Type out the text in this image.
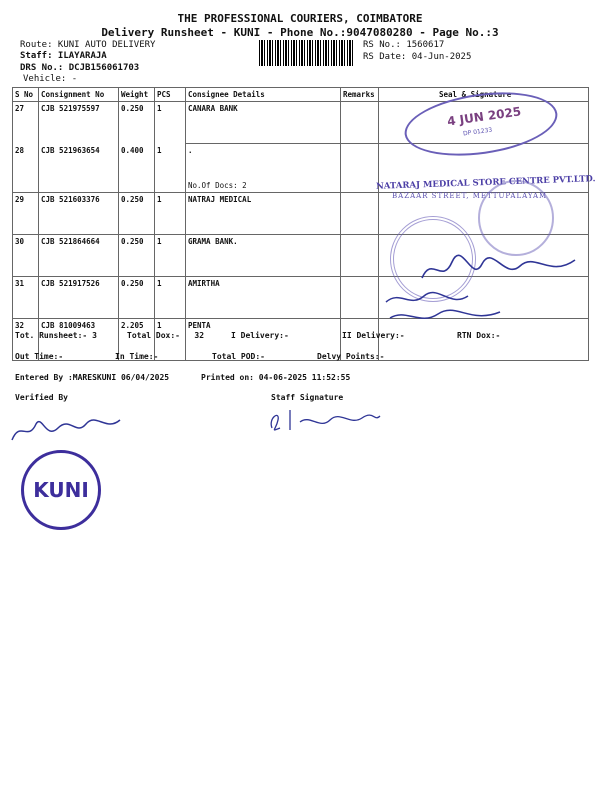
THE PROFESSIONAL COURIERS, COIMBATORE
Delivery Runsheet - KUNI - Phone No.:9047080280 - Page No.:3
Route: KUNI AUTO DELIVERY
Staff: ILAYARAJA
DRS No.: DCJB156061703
Vehicle: -
RS No.: 1560617
RS Date: 04-Jun-2025
S No	Consignment No	Weight	PCS	Consignee Details	Remarks	Seal & Signature
27	CJB 521975597	0.250	1	CANARA BANK		
28	CJB 521963654	0.400	1	.
No.Of Docs: 2		

29	CJB 521603376	0.250	1	NATRAJ MEDICAL		
30	CJB 521864664	0.250	1	GRAMA BANK.		
31	CJB 521917526	0.250	1	AMIRTHA		
32	CJB 81009463	2.205	1	PENTA		
4 JUN 2025
DP 01233
NATARAJ MEDICAL STORE CENTRE PVT.LTD.
BAZAAR STREET, METTUPALAYAM
Tot. Runsheet:- 3	Total Dox:-   32	I Delivery:-	II Delivery:-	RTN Dox:-
Out Time:-	In Time:-	Total POD:-	Delvy Points:-
Entered By :MARESKUNI 06/04/2025	Printed on: 04-06-2025 11:52:55
Verified By	Staff Signature
KUNI
